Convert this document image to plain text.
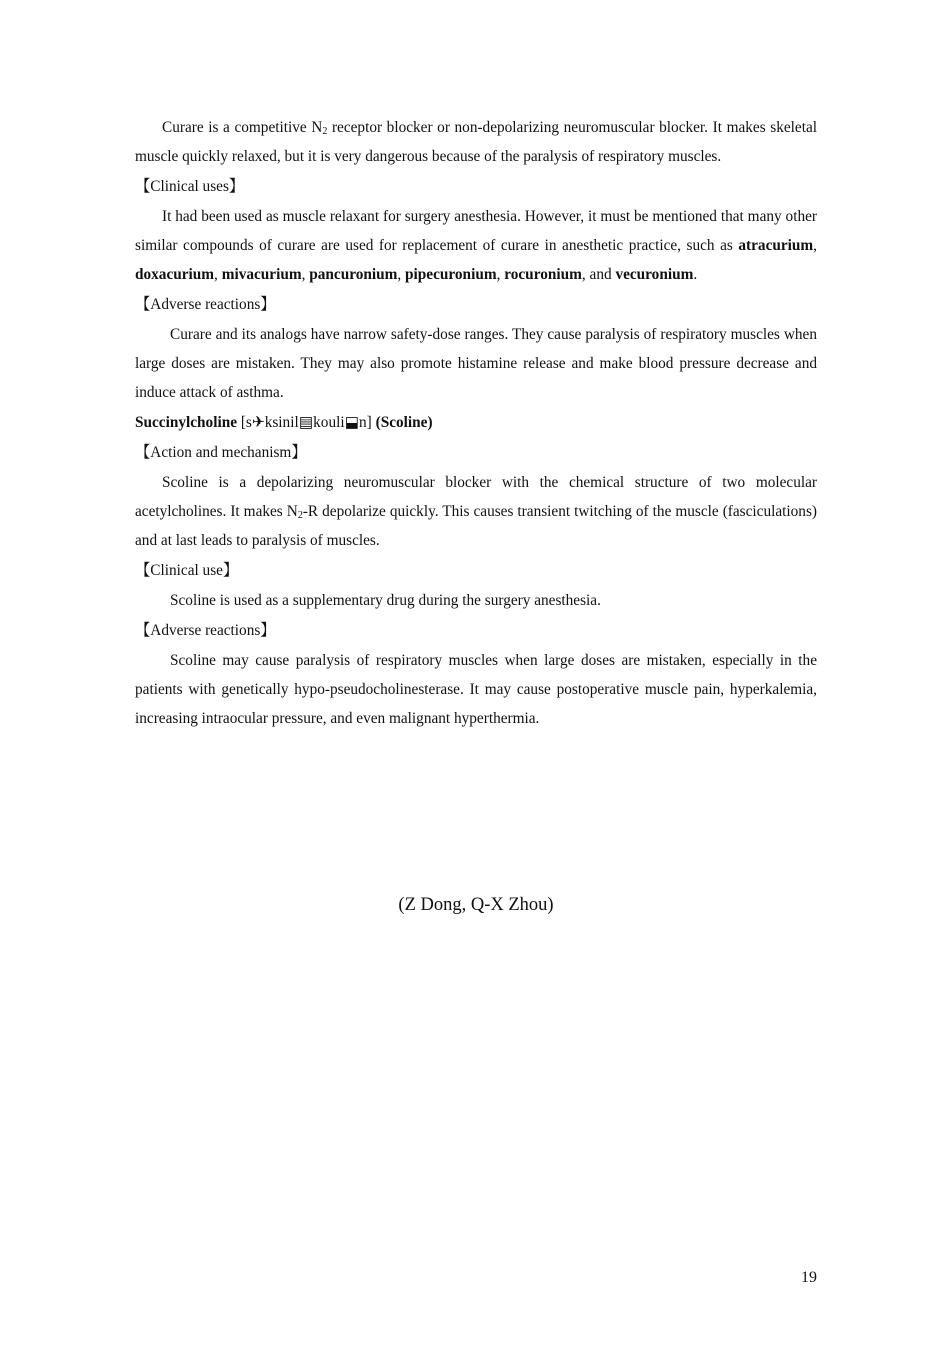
Curare is a competitive $N_2$ receptor blocker or non-depolarizing neuromuscular blocker. It makes skeletal muscle quickly relaxed, but it is very dangerous because of the paralysis of respiratory muscles.

【Clinical uses】

It had been used as muscle relaxant for surgery anesthesia. However, it must be mentioned that many other similar compounds of curare are used for replacement of curare in anesthetic practice, such as atracurium, doxacurium, mivacurium, pancuronium, pipecuronium, rocuronium, and vecuronium.

【Adverse reactions】

Curare and its analogs have narrow safety-dose ranges. They cause paralysis of respiratory muscles when large doses are mistaken. They may also promote histamine release and make blood pressure decrease and induce attack of asthma.

Succinylcholine [s✈ksinil▤kouli⬓n] (Scoline)

【Action and mechanism】

Scoline is a depolarizing neuromuscular blocker with the chemical structure of two molecular acetylcholines. It makes $N_2-R$ depolarize quickly. This causes transient twitching of the muscle (fasciculations) and at last leads to paralysis of muscles.

【Clinical use】

Scoline is used as a supplementary drug during the surgery anesthesia.

【Adverse reactions】

Scoline may cause paralysis of respiratory muscles when large doses are mistaken, especially in the patients with genetically hypo-pseudocholinesterase. It may cause postoperative muscle pain, hyperkalemia, increasing intraocular pressure, and even malignant hyperthermia.

(Z Dong, Q-X Zhou)
19
